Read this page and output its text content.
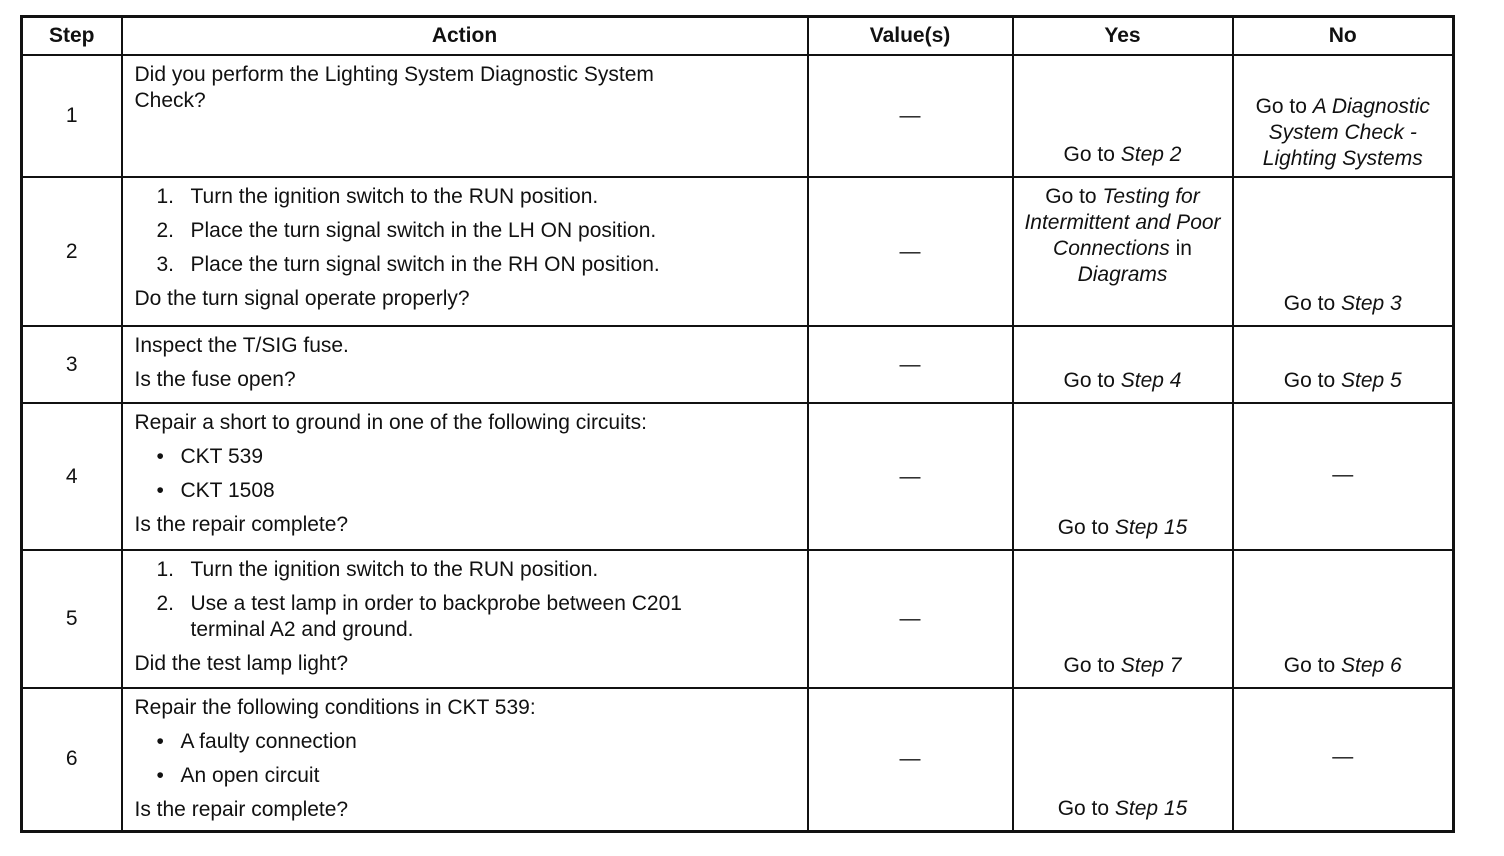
Step	Action	Value(s)	Yes	No
1	Did you perform the Lighting System Diagnostic System Check?	—	Go to Step 2	Go to A Diagnostic System Check - Lighting Systems
2	1. Turn the ignition switch to the RUN position.
2. Place the turn signal switch in the LH ON position.
3. Place the turn signal switch in the RH ON position.
Do the turn signal operate properly?	—	Go to Testing for Intermittent and Poor Connections in Diagrams	Go to Step 3
3	Inspect the T/SIG fuse.
Is the fuse open?	—	Go to Step 4	Go to Step 5
4	Repair a short to ground in one of the following circuits:
• CKT 539
• CKT 1508
Is the repair complete?	—	Go to Step 15	—
5	1. Turn the ignition switch to the RUN position.
2. Use a test lamp in order to backprobe between C201 terminal A2 and ground.
Did the test lamp light?	—	Go to Step 7	Go to Step 6
6	Repair the following conditions in CKT 539:
• A faulty connection
• An open circuit
Is the repair complete?	—	Go to Step 15	—
